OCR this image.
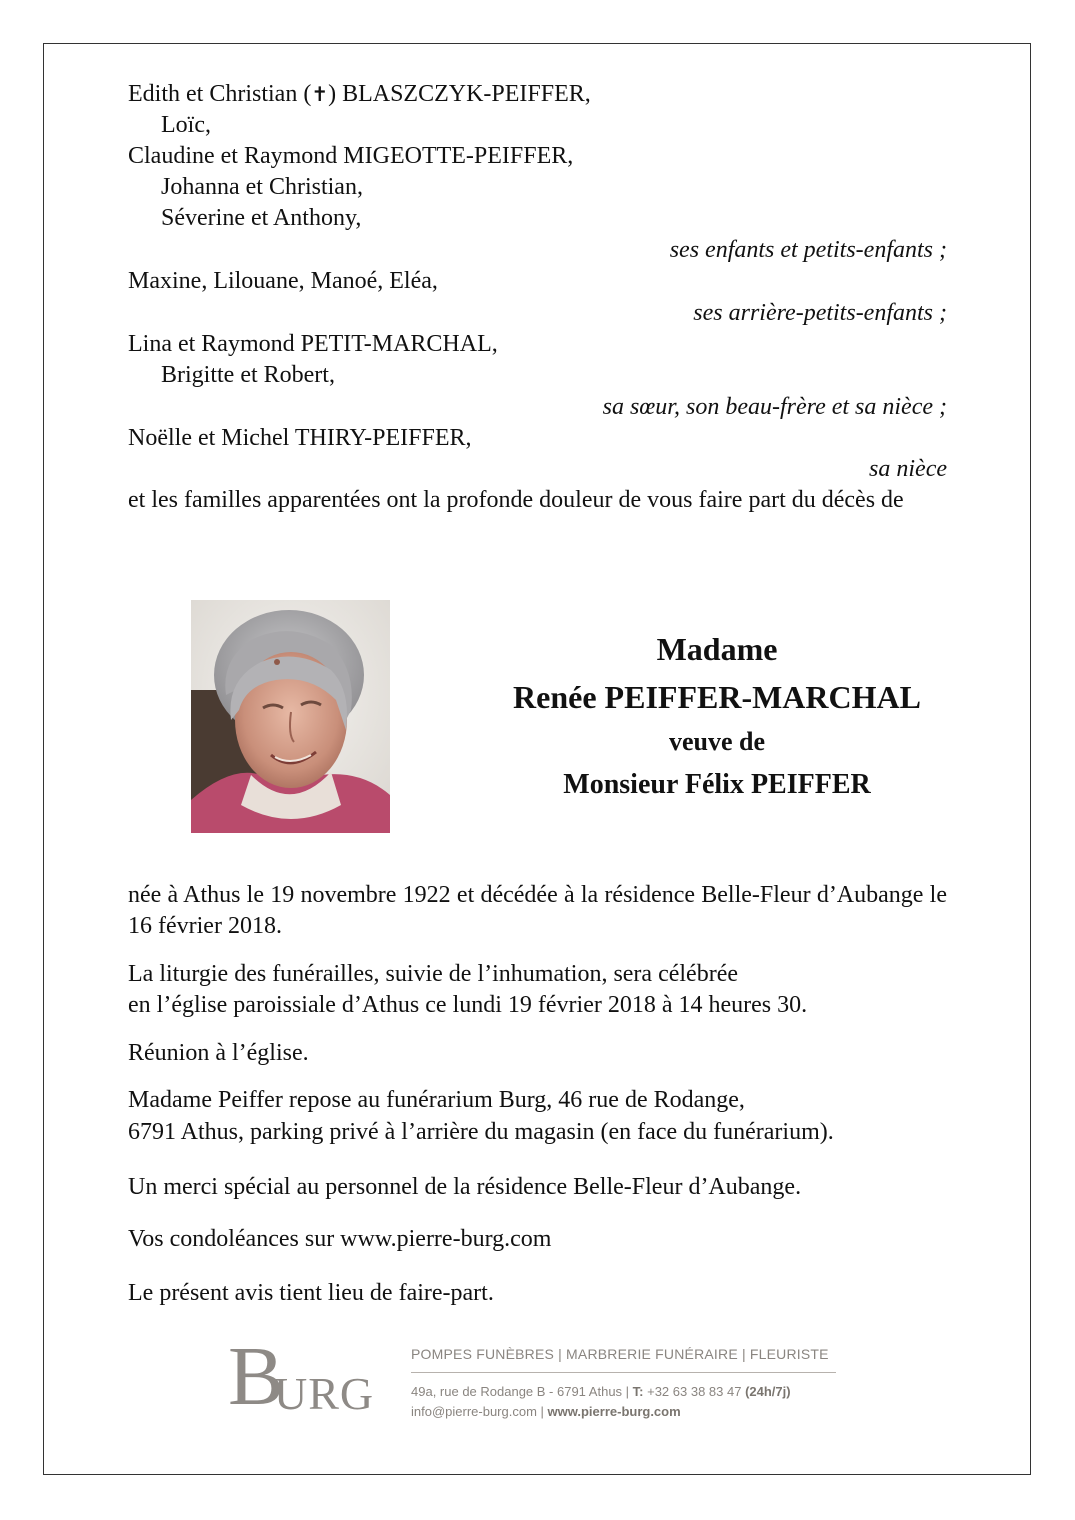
Edith et Christian (✝) BLASZCZYK-PEIFFER,
Loïc,
Claudine et Raymond MIGEOTTE-PEIFFER,
Johanna et Christian,
Séverine et Anthony,
ses enfants et petits-enfants ;
Maxine, Lilouane, Manoé, Eléa,
ses arrière-petits-enfants ;
Lina et Raymond PETIT-MARCHAL,
Brigitte et Robert,
sa sœur, son beau-frère et sa nièce ;
Noëlle et Michel THIRY-PEIFFER,
sa nièce
et les familles apparentées ont la profonde douleur de vous faire part du décès de
Madame
Renée PEIFFER-MARCHAL
veuve de
Monsieur Félix PEIFFER
née à Athus le 19 novembre 1922 et décédée à la résidence Belle-Fleur d’Aubange le 16 février 2018.
La liturgie des funérailles, suivie de l’inhumation, sera célébrée
en l’église paroissiale d’Athus ce lundi 19 février 2018 à 14 heures 30.
Réunion à l’église.
Madame Peiffer repose au funérarium Burg, 46 rue de Rodange,
6791 Athus, parking privé à l’arrière du magasin (en face du funérarium).
Un merci spécial au personnel de la résidence Belle-Fleur d’Aubange.
Vos condoléances sur www.pierre-burg.com
Le présent avis tient lieu de faire-part.
B
URG
POMPES FUNÈBRES | MARBRERIE FUNÉRAIRE | FLEURISTE
49a, rue de Rodange B - 6791 Athus | T: +32 63 38 83 47 (24h/7j)
info@pierre-burg.com | www.pierre-burg.com
